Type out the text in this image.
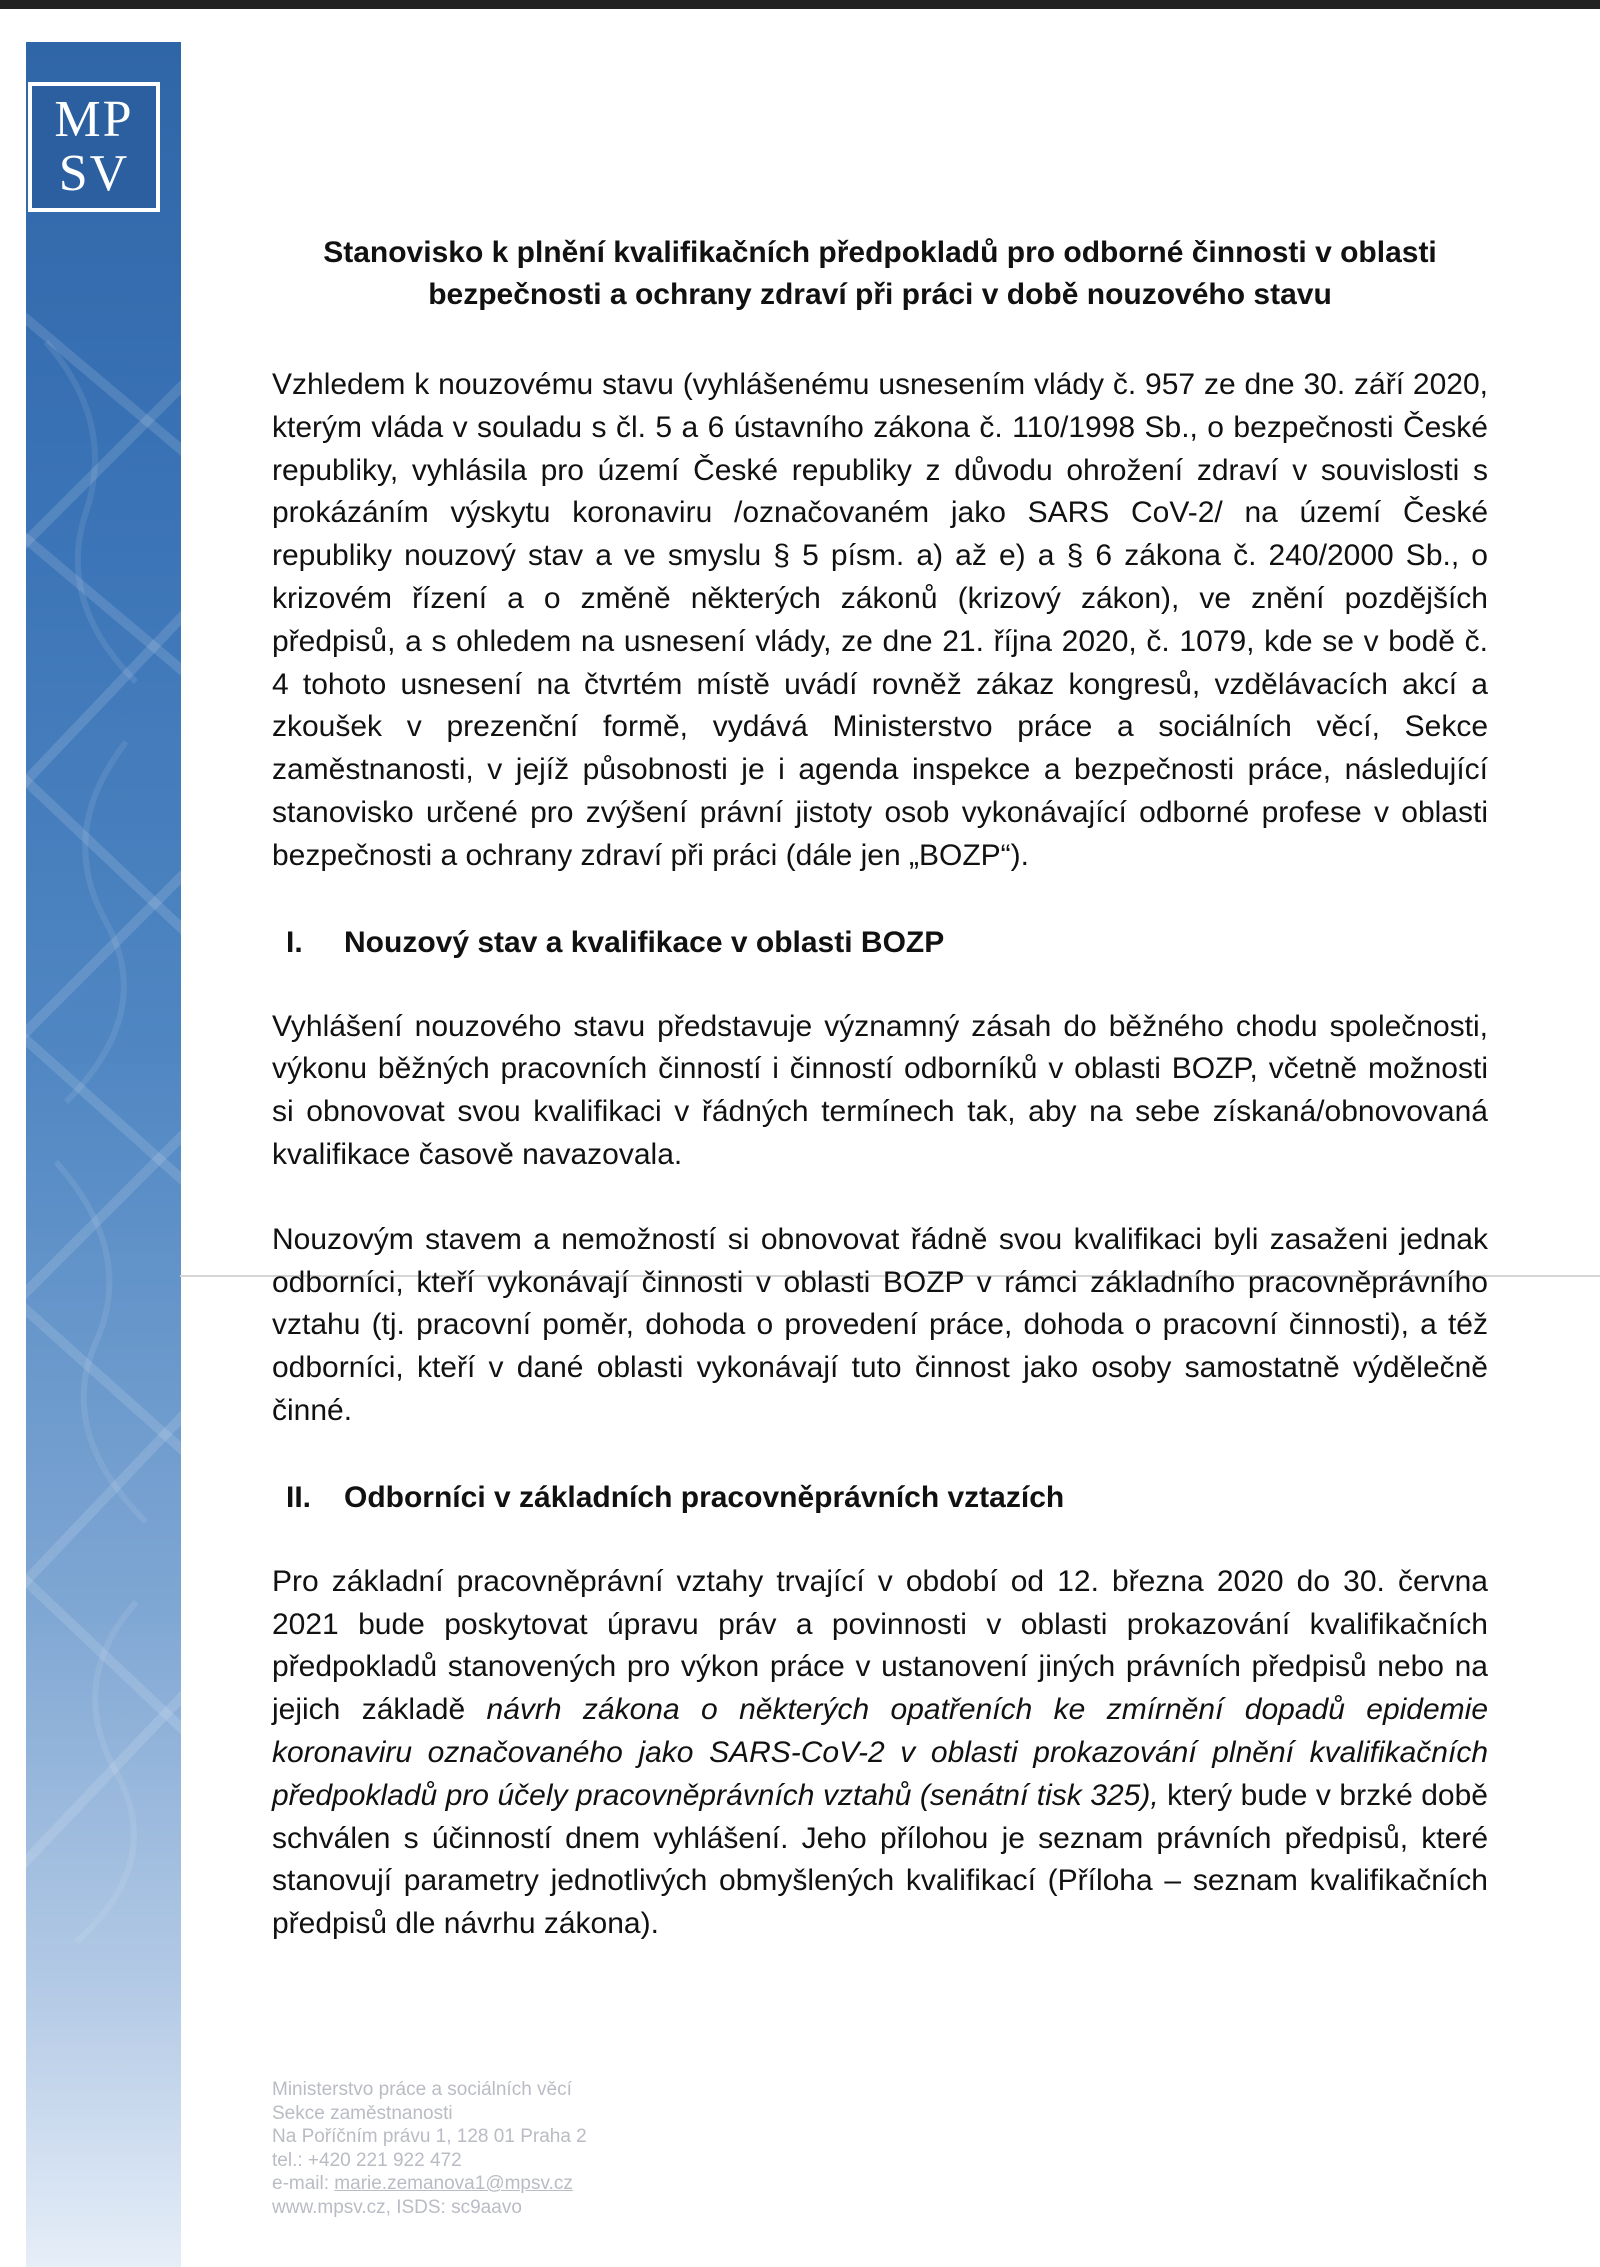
MP
SV
Stanovisko k plnění kvalifikačních předpokladů pro odborné činnosti v oblasti
bezpečnosti a ochrany zdraví při práci v době nouzového stavu

Vzhledem k nouzovému stavu (vyhlášenému usnesením vlády č. 957 ze dne 30. září 2020, kterým vláda v souladu s čl. 5 a 6 ústavního zákona č. 110/1998 Sb., o bezpečnosti České republiky, vyhlásila pro území České republiky z důvodu ohrožení zdraví v souvislosti s prokázáním výskytu koronaviru /označovaném jako SARS CoV-2/ na území České republiky nouzový stav a ve smyslu § 5 písm. a) až e) a § 6 zákona č. 240/2000 Sb., o krizovém řízení a o změně některých zákonů (krizový zákon), ve znění pozdějších předpisů, a s ohledem na usnesení vlády, ze dne 21. října 2020, č. 1079, kde se v bodě č. 4 tohoto usnesení na čtvrtém místě uvádí rovněž zákaz kongresů, vzdělávacích akcí a zkoušek v prezenční formě, vydává Ministerstvo práce a sociálních věcí, Sekce zaměstnanosti, v jejíž působnosti je i agenda inspekce a bezpečnosti práce, následující stanovisko určené pro zvýšení právní jistoty osob vykonávající odborné profese v oblasti bezpečnosti a ochrany zdraví při práci (dále jen „BOZP“).

I.	Nouzový stav a kvalifikace v oblasti BOZP

Vyhlášení nouzového stavu představuje významný zásah do běžného chodu společnosti, výkonu běžných pracovních činností i činností odborníků v oblasti BOZP, včetně možnosti si obnovovat svou kvalifikaci v řádných termínech tak, aby na sebe získaná/obnovovaná kvalifikace časově navazovala.

Nouzovým stavem a nemožností si obnovovat řádně svou kvalifikaci byli zasaženi jednak odborníci, kteří vykonávají činnosti v oblasti BOZP v rámci základního pracovněprávního vztahu (tj. pracovní poměr, dohoda o provedení práce, dohoda o pracovní činnosti), a též odborníci, kteří v dané oblasti vykonávají tuto činnost jako osoby samostatně výdělečně činné.

II.	Odborníci v základních pracovněprávních vztazích

Pro základní pracovněprávní vztahy trvající v období od 12. března 2020 do 30. června 2021 bude poskytovat úpravu práv a povinnosti v oblasti prokazování kvalifikačních předpokladů stanovených pro výkon práce v ustanovení jiných právních předpisů nebo na jejich základě návrh zákona o některých opatřeních ke zmírnění dopadů epidemie koronaviru označovaného jako SARS-CoV-2 v oblasti prokazování plnění kvalifikačních předpokladů pro účely pracovněprávních vztahů (senátní tisk 325), který bude v brzké době schválen s účinností dnem vyhlášení. Jeho přílohou je seznam právních předpisů, které stanovují parametry jednotlivých obmyšlených kvalifikací (Příloha – seznam kvalifikačních předpisů dle návrhu zákona).

Ministerstvo práce a sociálních věcí
Sekce zaměstnanosti
Na Poříčním právu 1, 128 01 Praha 2
tel.: +420 221 922 472
e-mail: marie.zemanova1@mpsv.cz
www.mpsv.cz, ISDS: sc9aavo
